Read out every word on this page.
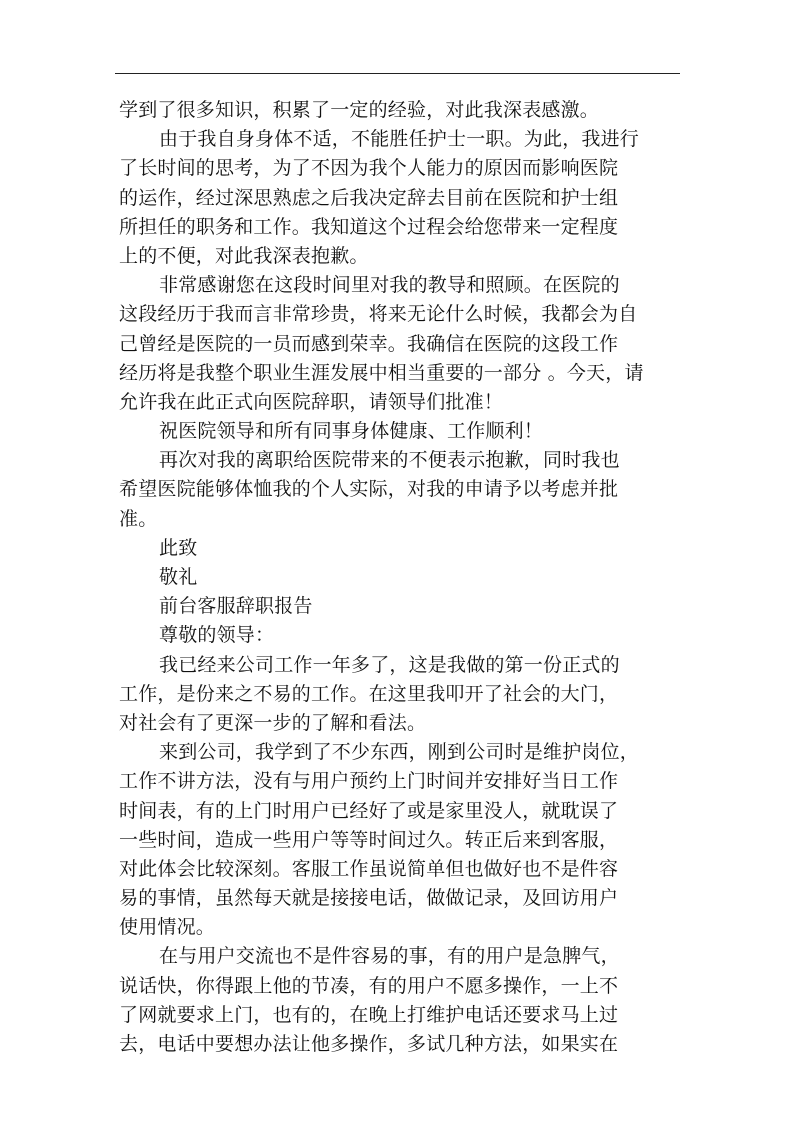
学到了很多知识，积累了一定的经验，对此我深表感激。
由于我自身身体不适，不能胜任护士一职。为此，我进行
了长时间的思考，为了不因为我个人能力的原因而影响医院
的运作，经过深思熟虑之后我决定辞去目前在医院和护士组
所担任的职务和工作。我知道这个过程会给您带来一定程度
上的不便，对此我深表抱歉。
非常感谢您在这段时间里对我的教导和照顾。在医院的
这段经历于我而言非常珍贵，将来无论什么时候，我都会为自
己曾经是医院的一员而感到荣幸。我确信在医院的这段工作
经历将是我整个职业生涯发展中相当重要的一部分 。今天，请
允许我在此正式向医院辞职，请领导们批准！
祝医院领导和所有同事身体健康、工作顺利！
再次对我的离职给医院带来的不便表示抱歉，同时我也
希望医院能够体恤我的个人实际，对我的申请予以考虑并批
准。
此致
敬礼
前台客服辞职报告
尊敬的领导：
我已经来公司工作一年多了，这是我做的第一份正式的
工作，是份来之不易的工作。在这里我叩开了社会的大门，
对社会有了更深一步的了解和看法。
来到公司，我学到了不少东西，刚到公司时是维护岗位，
工作不讲方法，没有与用户预约上门时间并安排好当日工作
时间表，有的上门时用户已经好了或是家里没人，就耽误了
一些时间，造成一些用户等等时间过久。转正后来到客服，
对此体会比较深刻。客服工作虽说简单但也做好也不是件容
易的事情，虽然每天就是接接电话，做做记录，及回访用户
使用情况。
在与用户交流也不是件容易的事，有的用户是急脾气，
说话快，你得跟上他的节凑，有的用户不愿多操作，一上不
了网就要求上门，也有的，在晚上打维护电话还要求马上过
去，电话中要想办法让他多操作，多试几种方法，如果实在
